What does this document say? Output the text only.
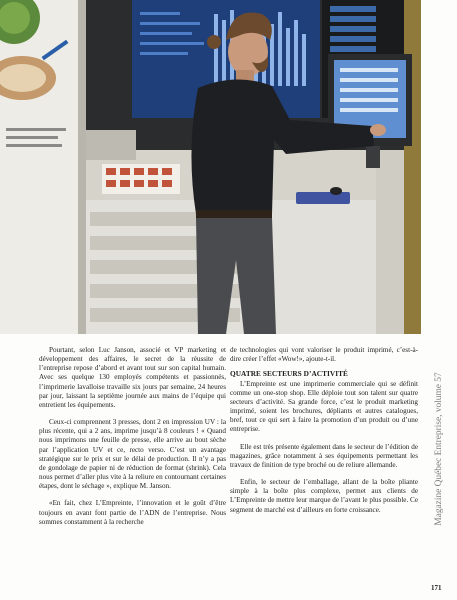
Pourtant, selon Luc Janson, associé et VP marketing et développement des affaires, le secret de la réussite de l’entreprise repose d’abord et avant tout sur son capital humain. Avec ses quelque 130 employés compétents et passionnés, l’imprimerie lavalloise travaille six jours par semaine, 24 heures par jour, laissant la septième journée aux mains de l’équipe qui entretient les équipements.

Ceux-ci comprennent 3 presses, dont 2 en impression UV : la plus récente, qui a 2 ans, imprime jusqu’à 8 couleurs ! « Quand nous imprimons une feuille de presse, elle arrive au bout sèche par l’application UV et ce, recto verso. C’est un avantage stratégique sur le prix et sur le délai de production. Il n’y a pas de gondolage de papier ni de réduction de format (shrink). Cela nous permet d’aller plus vite à la reliure en contournant certaines étapes, dont le séchage », explique M. Janson.

«En fait, chez L’Empreinte, l’innovation et le goût d’être toujours en avant font partie de l’ADN de l’entreprise. Nous sommes constamment à la recherche

de technologies qui vont valoriser le produit imprimé, c’est-à-dire créer l’effet «Wow!», ajoute-t-il.

QUATRE SECTEURS D’ACTIVITÉ

L’Empreinte est une imprimerie commerciale qui se définit comme un one-stop shop. Elle déploie tout son talent sur quatre secteurs d’activité. Sa grande force, c’est le produit marketing imprimé, soient les brochures, dépliants et autres catalogues, bref, tout ce qui sert à faire la promotion d’un produit ou d’une entreprise.

Elle est très présente également dans le secteur de l’édition de magazines, grâce notamment à ses équipements permettant les travaux de finition de type broché ou de reliure allemande.

Enfin, le secteur de l’emballage, allant de la boîte pliante simple à la boîte plus complexe, permet aux clients de L’Empreinte de mettre leur marque de l’avant le plus possible. Ce segment de marché est d’ailleurs en forte croissance.	Magazine Québec Entreprise, volume 57
171
